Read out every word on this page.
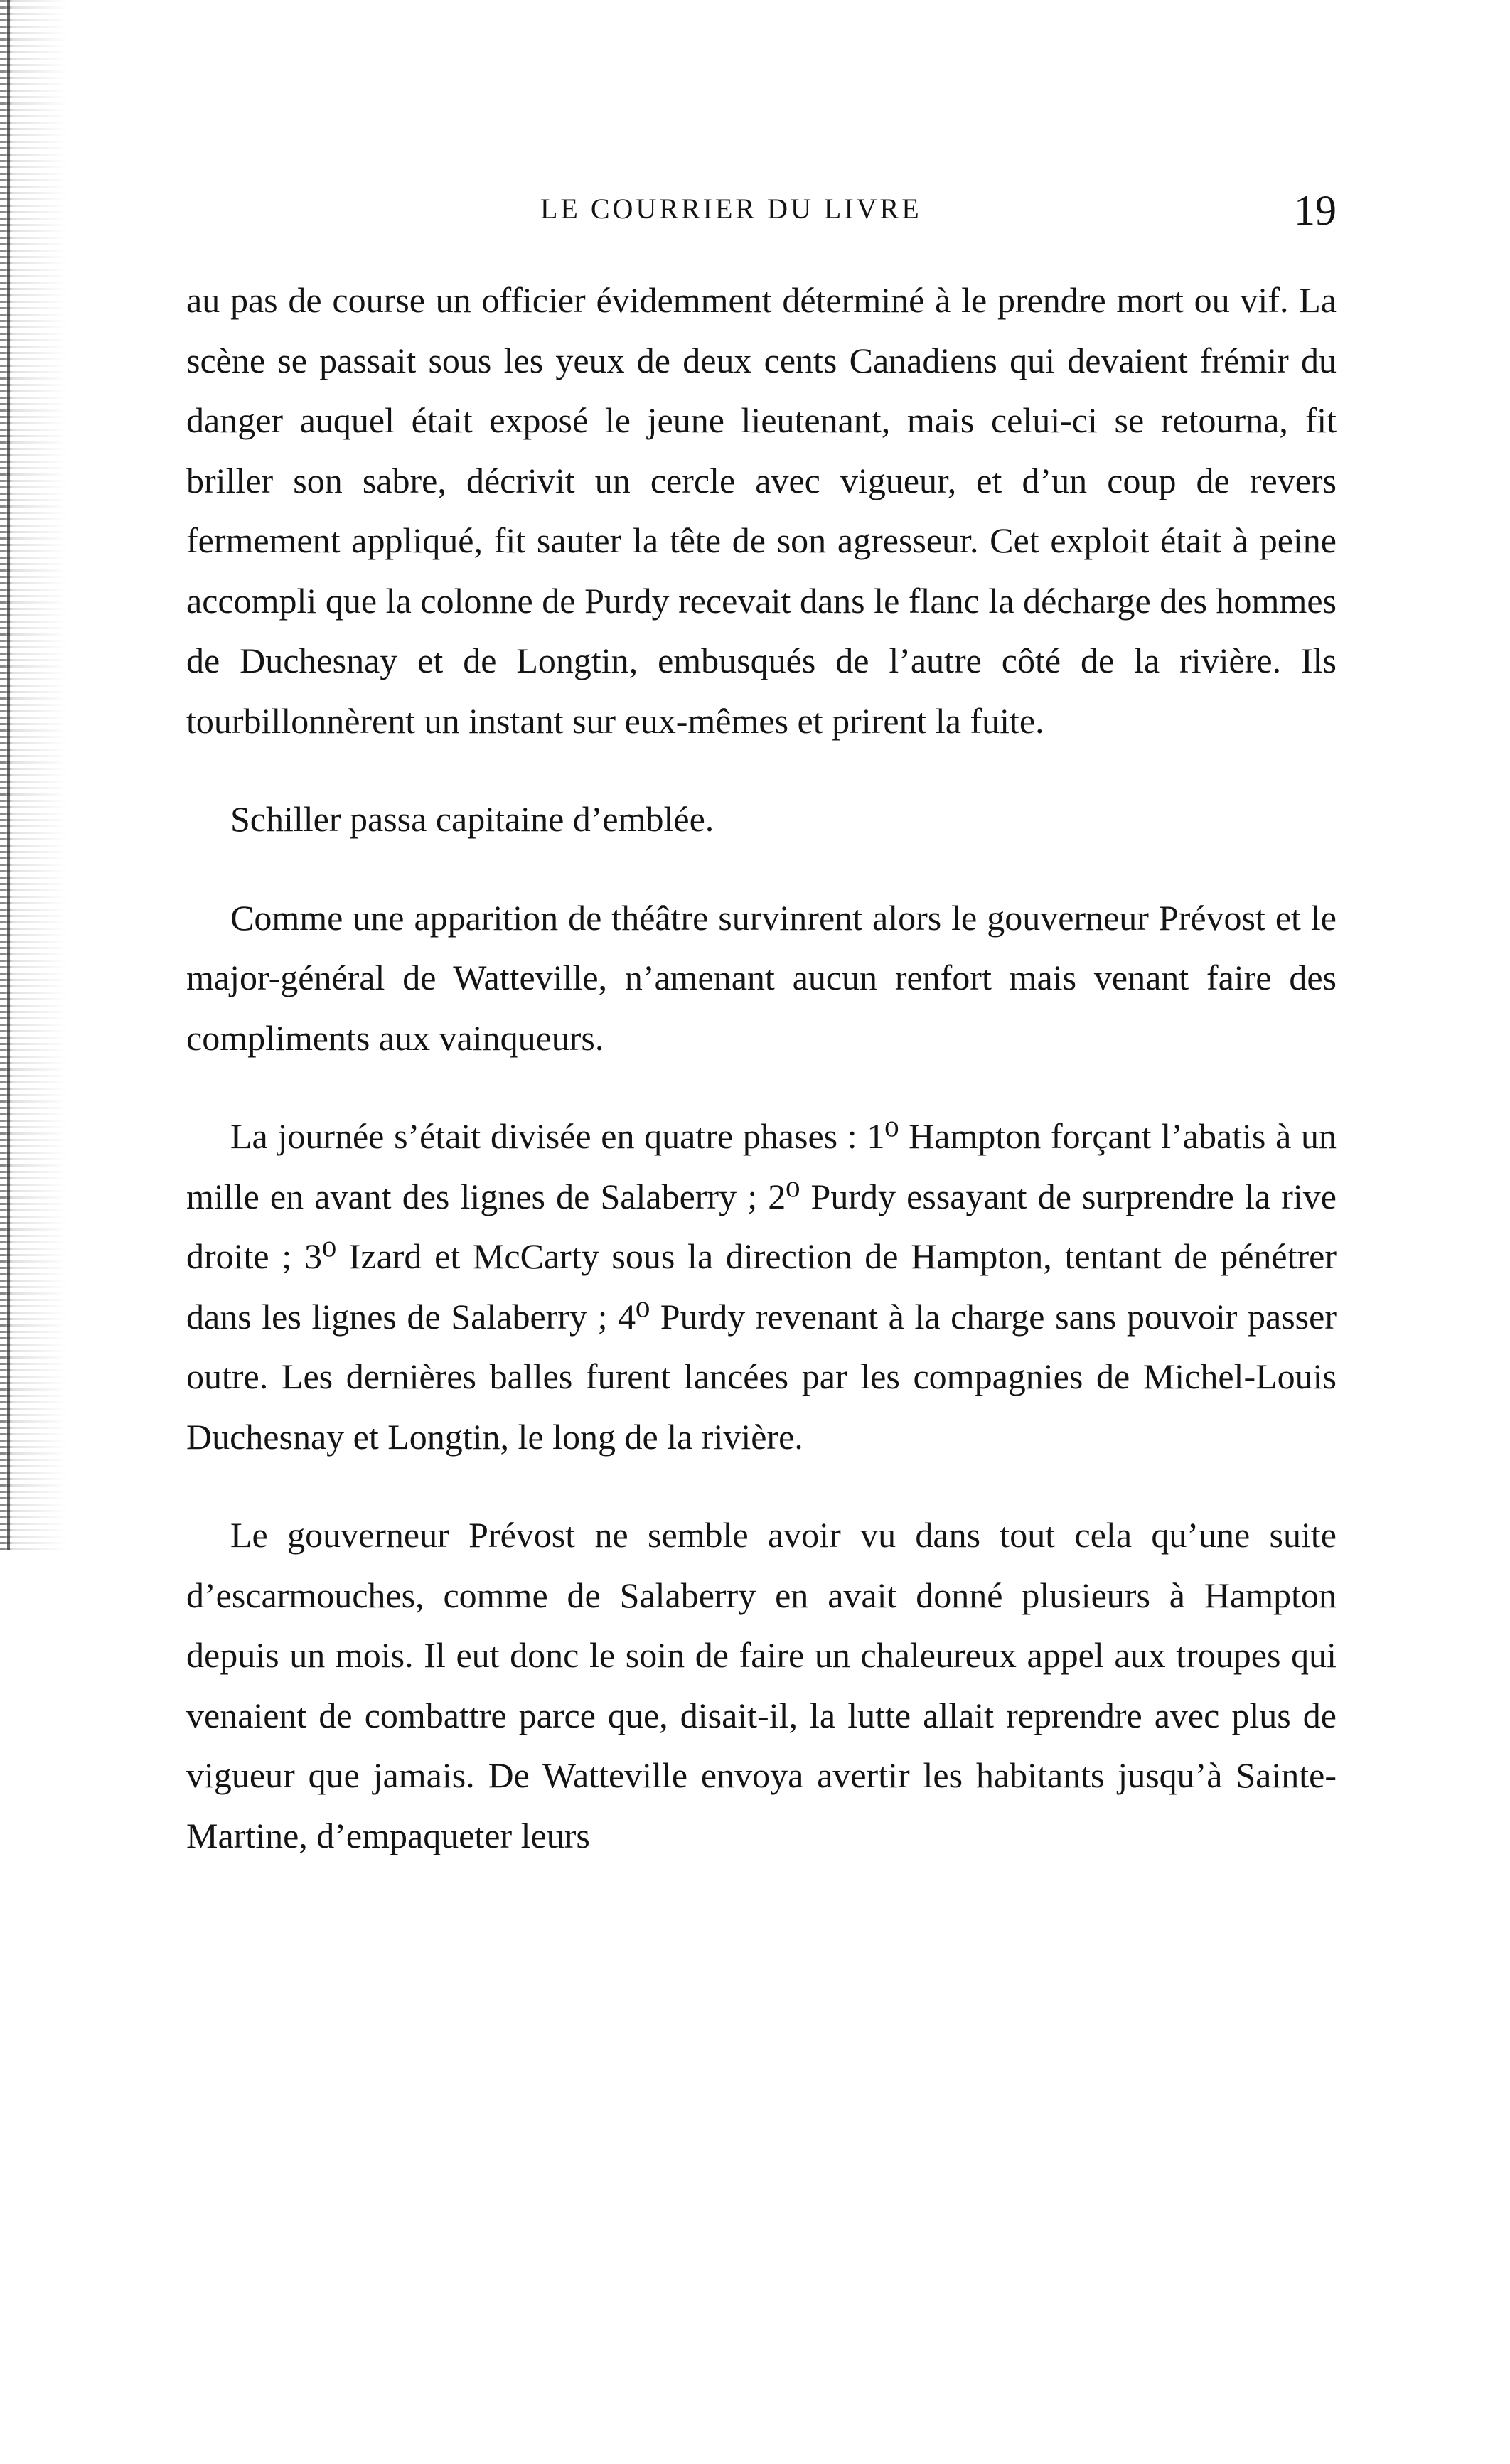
LE COURRIER DU LIVRE	19

au pas de course un officier évidemment déterminé à le prendre mort ou vif. La scène se passait sous les yeux de deux cents Canadiens qui devaient frémir du danger auquel était exposé le jeune lieutenant, mais celui-ci se retourna, fit briller son sabre, décrivit un cercle avec vigueur, et d’un coup de revers fermement appliqué, fit sauter la tête de son agresseur. Cet exploit était à peine accompli que la colonne de Purdy recevait dans le flanc la décharge des hommes de Duchesnay et de Longtin, embusqués de l’autre côté de la rivière. Ils tourbillonnèrent un instant sur eux-mêmes et prirent la fuite.

Schiller passa capitaine d’emblée.

Comme une apparition de théâtre survinrent alors le gouverneur Prévost et le major-général de Watteville, n’amenant aucun renfort mais venant faire des compliments aux vainqueurs.

La journée s’était divisée en quatre phases : 1⁰ Hampton forçant l’abatis à un mille en avant des lignes de Salaberry ; 2⁰ Purdy essayant de surprendre la rive droite ; 3⁰ Izard et McCarty sous la direction de Hampton, tentant de pénétrer dans les lignes de Salaberry ; 4⁰ Purdy revenant à la charge sans pouvoir passer outre. Les dernières balles furent lancées par les compagnies de Michel-Louis Duchesnay et Longtin, le long de la rivière.

Le gouverneur Prévost ne semble avoir vu dans tout cela qu’une suite d’escarmouches, comme de Salaberry en avait donné plusieurs à Hampton depuis un mois. Il eut donc le soin de faire un chaleureux appel aux troupes qui venaient de combattre parce que, disait-il, la lutte allait reprendre avec plus de vigueur que jamais. De Watteville envoya avertir les habitants jusqu’à Sainte-Martine, d’empaqueter leurs
